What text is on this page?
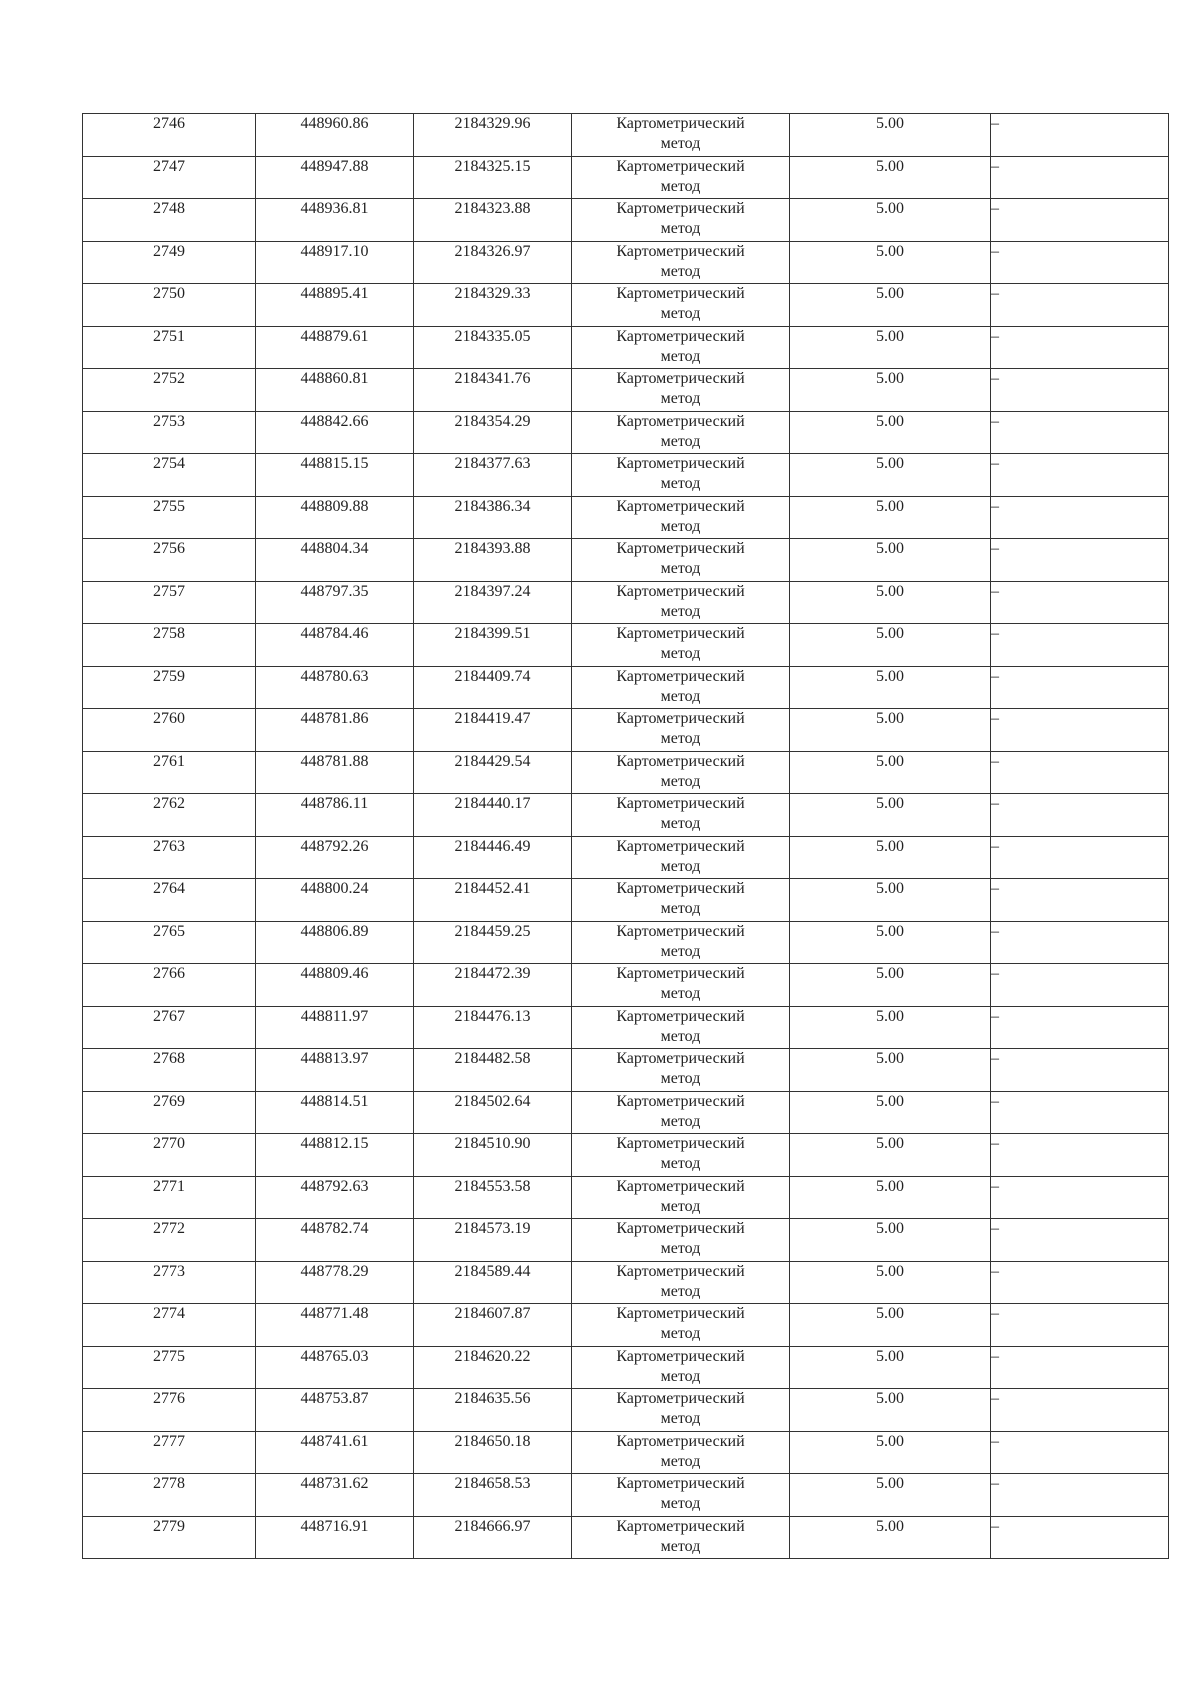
2746	448960.86	2184329.96	Картометрический
метод	5.00	–
2747	448947.88	2184325.15	Картометрический
метод	5.00	–
2748	448936.81	2184323.88	Картометрический
метод	5.00	–
2749	448917.10	2184326.97	Картометрический
метод	5.00	–
2750	448895.41	2184329.33	Картометрический
метод	5.00	–
2751	448879.61	2184335.05	Картометрический
метод	5.00	–
2752	448860.81	2184341.76	Картометрический
метод	5.00	–
2753	448842.66	2184354.29	Картометрический
метод	5.00	–
2754	448815.15	2184377.63	Картометрический
метод	5.00	–
2755	448809.88	2184386.34	Картометрический
метод	5.00	–
2756	448804.34	2184393.88	Картометрический
метод	5.00	–
2757	448797.35	2184397.24	Картометрический
метод	5.00	–
2758	448784.46	2184399.51	Картометрический
метод	5.00	–
2759	448780.63	2184409.74	Картометрический
метод	5.00	–
2760	448781.86	2184419.47	Картометрический
метод	5.00	–
2761	448781.88	2184429.54	Картометрический
метод	5.00	–
2762	448786.11	2184440.17	Картометрический
метод	5.00	–
2763	448792.26	2184446.49	Картометрический
метод	5.00	–
2764	448800.24	2184452.41	Картометрический
метод	5.00	–
2765	448806.89	2184459.25	Картометрический
метод	5.00	–
2766	448809.46	2184472.39	Картометрический
метод	5.00	–
2767	448811.97	2184476.13	Картометрический
метод	5.00	–
2768	448813.97	2184482.58	Картометрический
метод	5.00	–
2769	448814.51	2184502.64	Картометрический
метод	5.00	–
2770	448812.15	2184510.90	Картометрический
метод	5.00	–
2771	448792.63	2184553.58	Картометрический
метод	5.00	–
2772	448782.74	2184573.19	Картометрический
метод	5.00	–
2773	448778.29	2184589.44	Картометрический
метод	5.00	–
2774	448771.48	2184607.87	Картометрический
метод	5.00	–
2775	448765.03	2184620.22	Картометрический
метод	5.00	–
2776	448753.87	2184635.56	Картометрический
метод	5.00	–
2777	448741.61	2184650.18	Картометрический
метод	5.00	–
2778	448731.62	2184658.53	Картометрический
метод	5.00	–
2779	448716.91	2184666.97	Картометрический
метод	5.00	–
